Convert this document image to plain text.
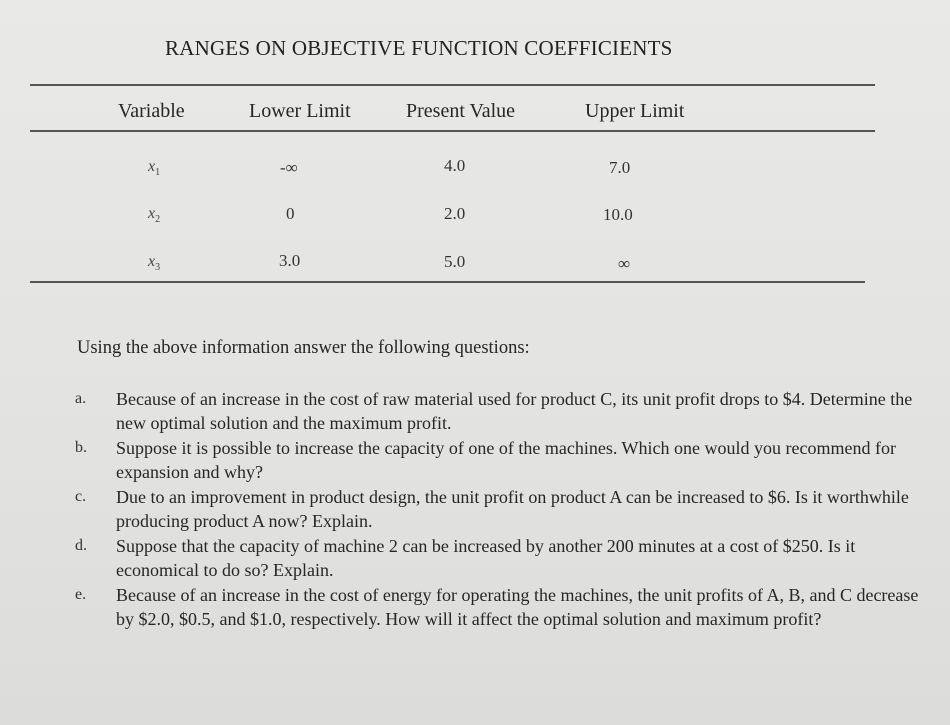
RANGES ON OBJECTIVE FUNCTION COEFFICIENTS
Variable	Lower Limit	Present Value	Upper Limit
$x_1$	-∞	4.0	7.0
$x_2$	0	2.0	10.0
$x_3$	3.0	5.0	∞
Using the above information answer the following questions:
a. Because of an increase in the cost of raw material used for product C, its unit profit drops to $4. Determine the new optimal solution and the maximum profit.
b. Suppose it is possible to increase the capacity of one of the machines. Which one would you recommend for expansion and why?
c. Due to an improvement in product design, the unit profit on product A can be increased to $6. Is it worthwhile producing product A now? Explain.
d. Suppose that the capacity of machine 2 can be increased by another 200 minutes at a cost of $250. Is it economical to do so? Explain.
e. Because of an increase in the cost of energy for operating the machines, the unit profits of A, B, and C decrease by $2.0, $0.5, and $1.0, respectively. How will it affect the optimal solution and maximum profit?
